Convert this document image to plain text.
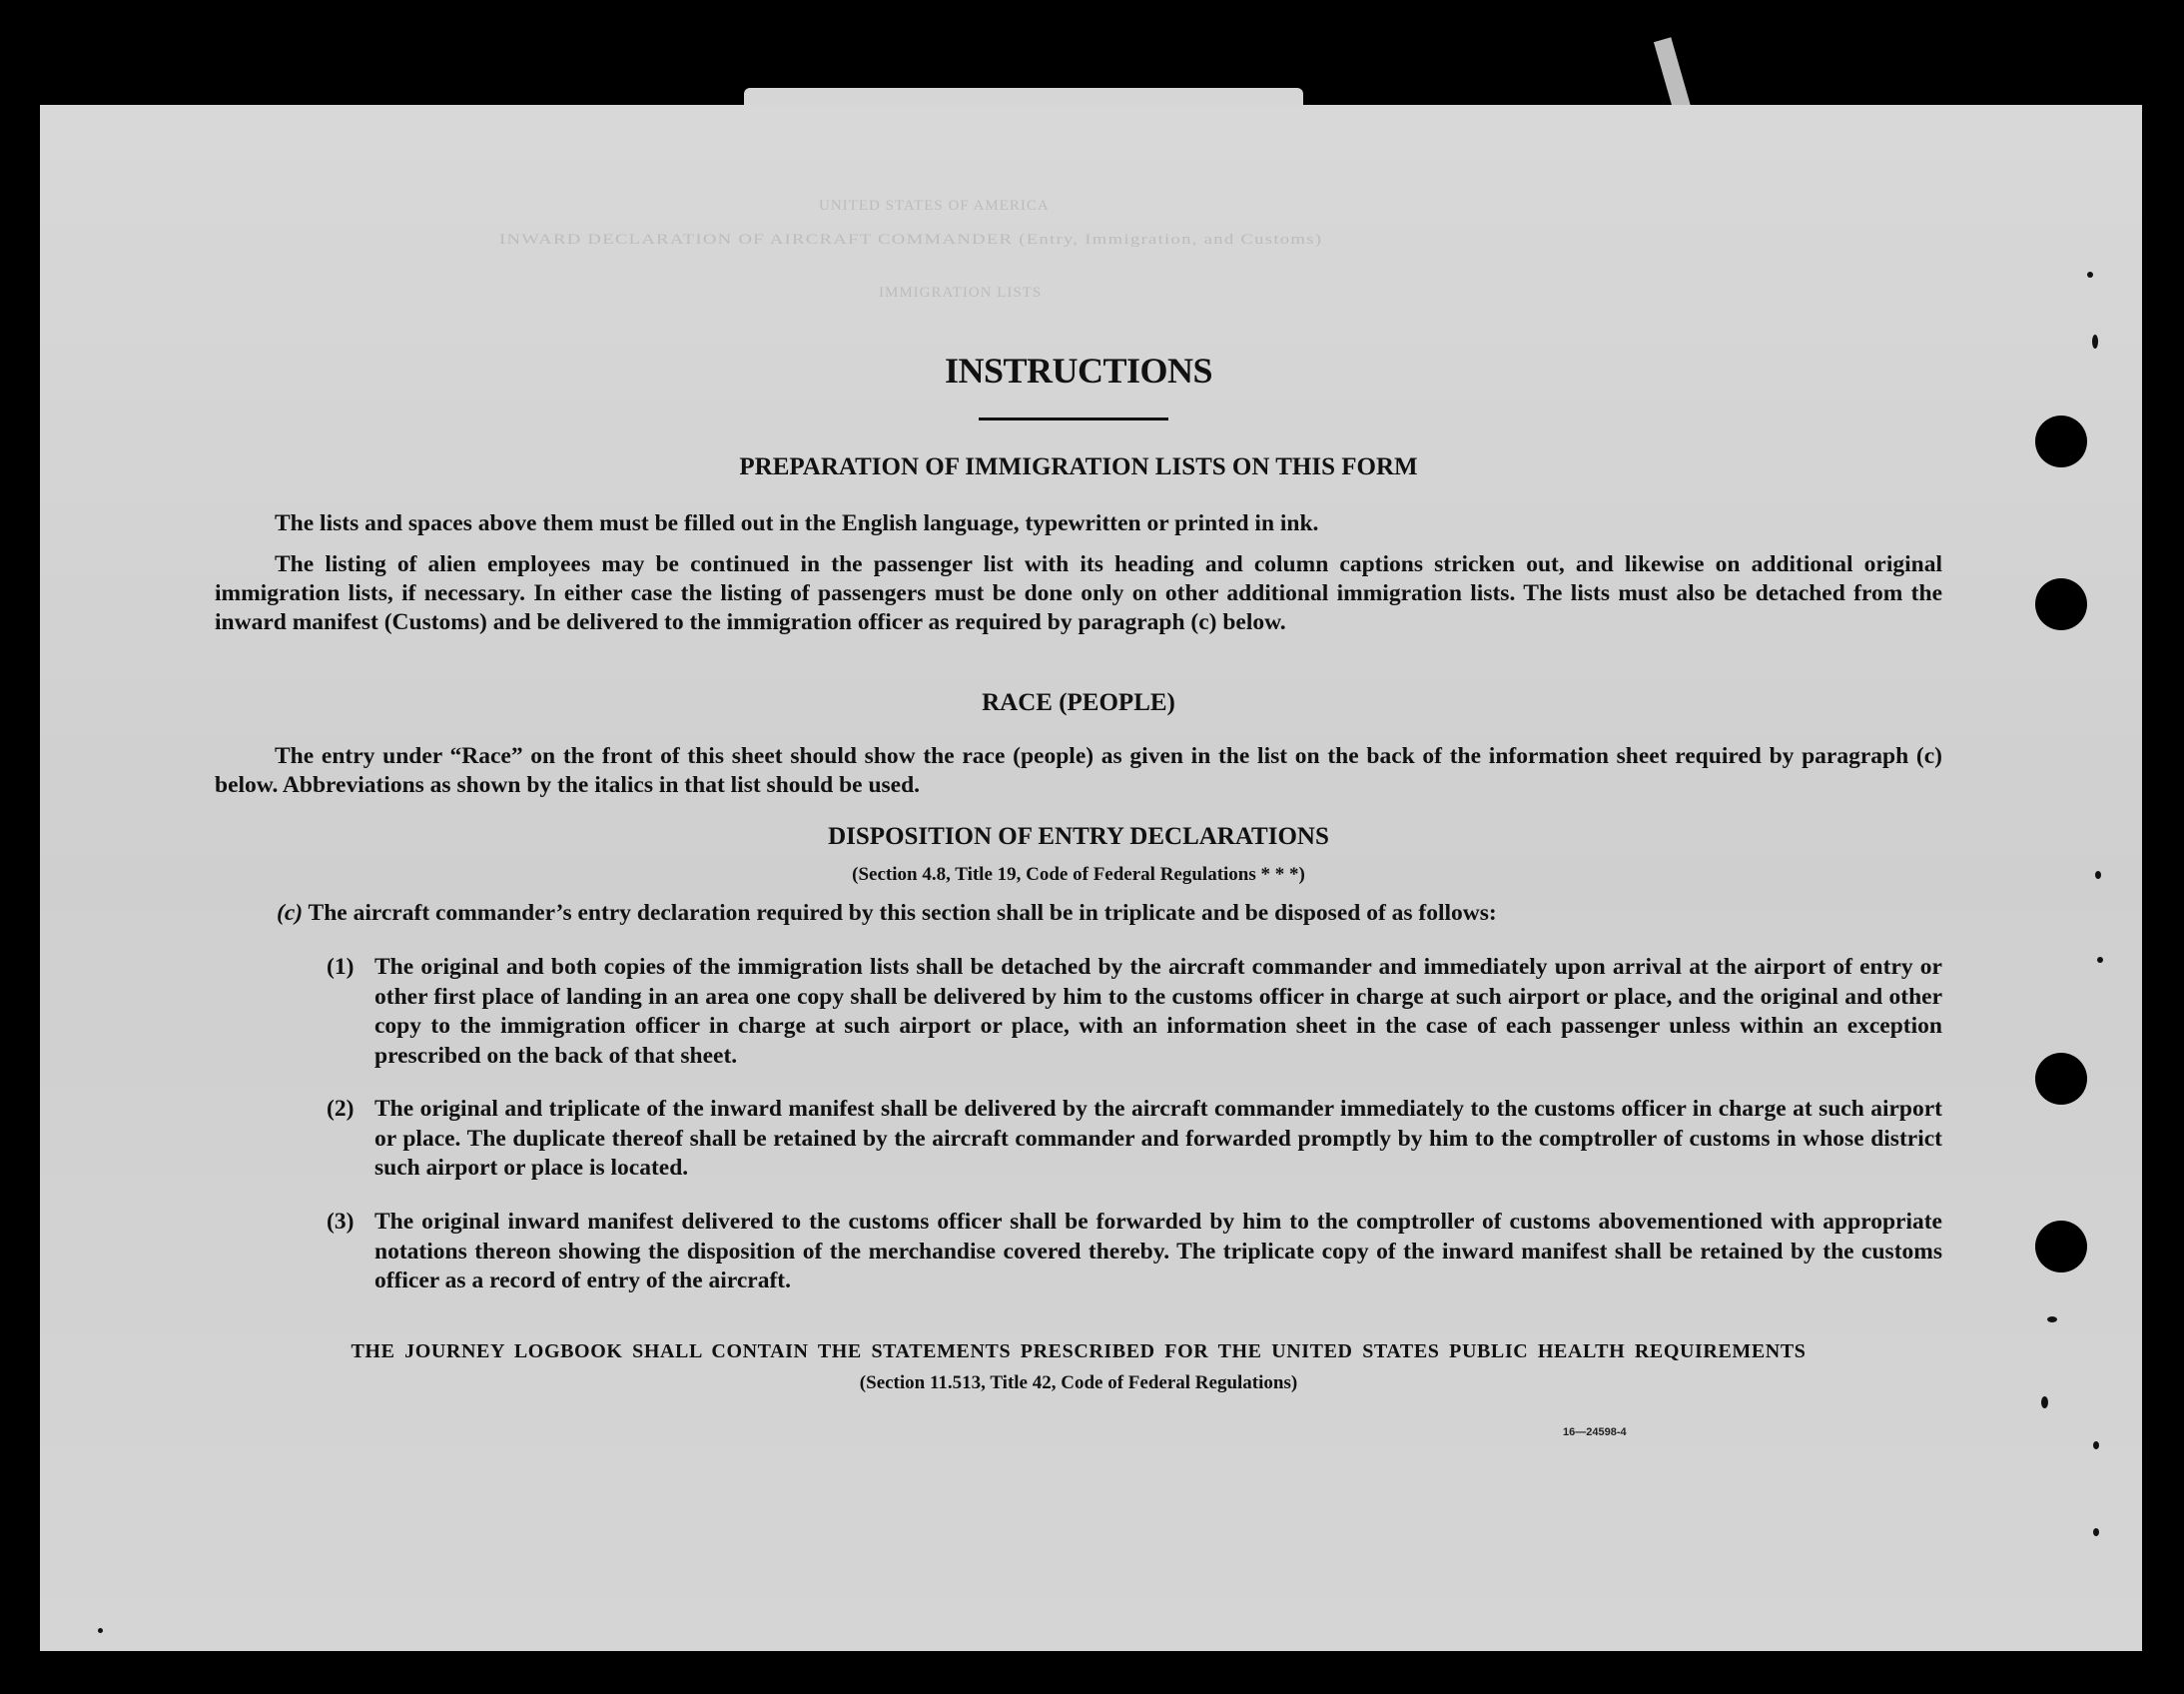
UNITED STATES OF AMERICA
INWARD DECLARATION OF AIRCRAFT COMMANDER (Entry, Immigration, and Customs)
IMMIGRATION LISTS
INSTRUCTIONS
PREPARATION OF IMMIGRATION LISTS ON THIS FORM
The lists and spaces above them must be filled out in the English language, typewritten or printed in ink.
The listing of alien employees may be continued in the passenger list with its heading and column captions stricken out, and likewise on additional original immigration lists, if necessary. In either case the listing of passengers must be done only on other additional immigration lists. The lists must also be detached from the inward manifest (Customs) and be delivered to the immigration officer as required by paragraph (c) below.
RACE (PEOPLE)
The entry under “Race” on the front of this sheet should show the race (people) as given in the list on the back of the information sheet required by paragraph (c) below. Abbreviations as shown by the italics in that list should be used.
DISPOSITION OF ENTRY DECLARATIONS
(Section 4.8, Title 19, Code of Federal Regulations * * *)
(c) The aircraft commander’s entry declaration required by this section shall be in triplicate and be disposed of as follows:
(1) The original and both copies of the immigration lists shall be detached by the aircraft commander and immediately upon arrival at the airport of entry or other first place of landing in an area one copy shall be delivered by him to the customs officer in charge at such airport or place, and the original and other copy to the immigration officer in charge at such airport or place, with an information sheet in the case of each passenger unless within an exception prescribed on the back of that sheet.
(2) The original and triplicate of the inward manifest shall be delivered by the aircraft commander immediately to the customs officer in charge at such airport or place. The duplicate thereof shall be retained by the aircraft commander and forwarded promptly by him to the comptroller of customs in whose district such airport or place is located.
(3) The original inward manifest delivered to the customs officer shall be forwarded by him to the comptroller of customs abovementioned with appropriate notations thereon showing the disposition of the merchandise covered thereby. The triplicate copy of the inward manifest shall be retained by the customs officer as a record of entry of the aircraft.
THE JOURNEY LOGBOOK SHALL CONTAIN THE STATEMENTS PRESCRIBED FOR THE UNITED STATES PUBLIC HEALTH REQUIREMENTS
(Section 11.513, Title 42, Code of Federal Regulations)
16—24598-4
